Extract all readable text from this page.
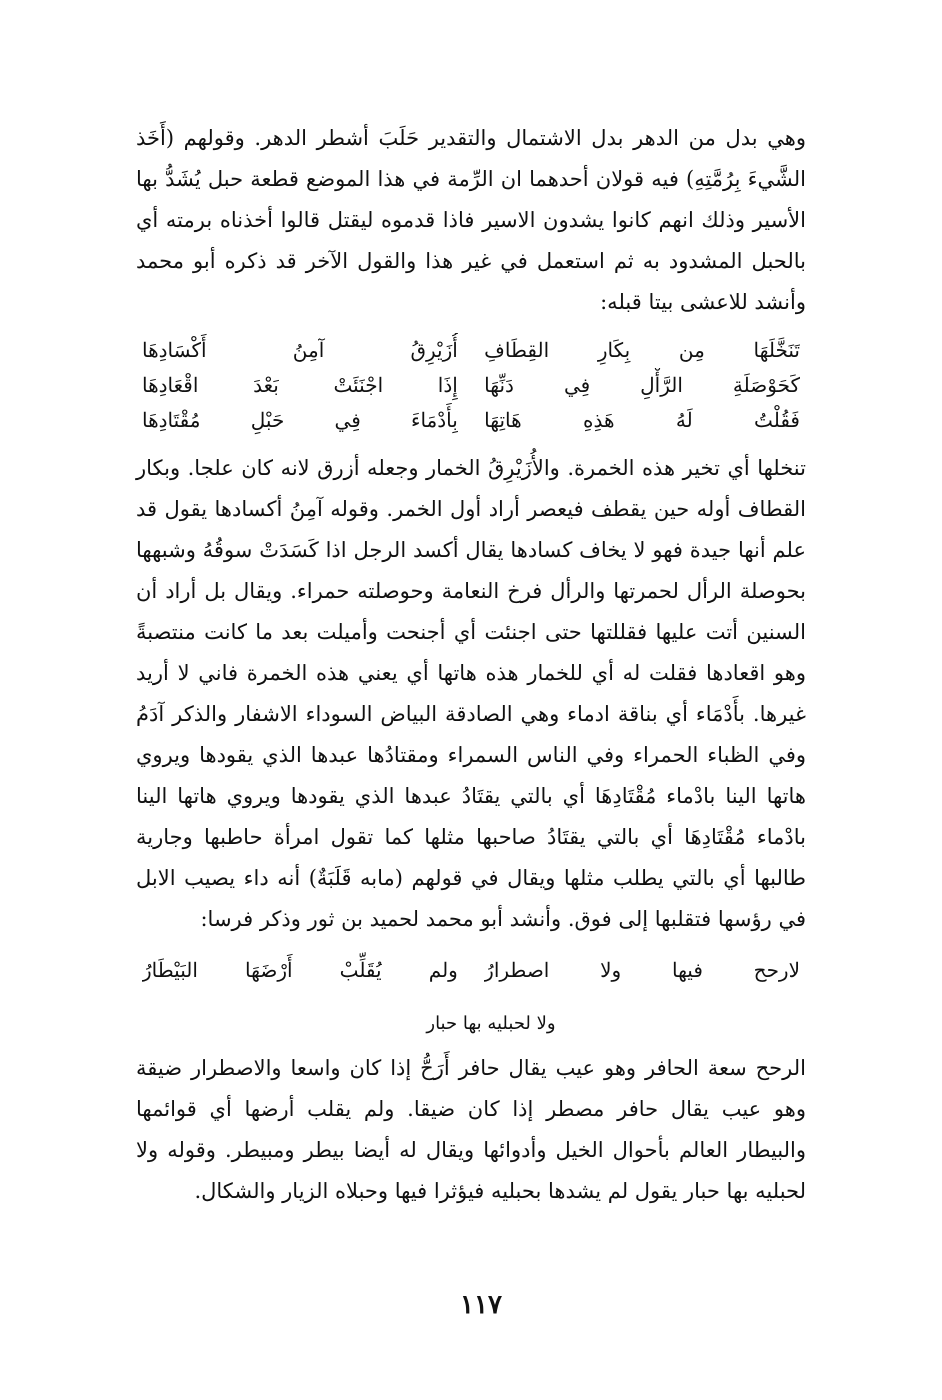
وهي بدل من الدهر بدل الاشتمال والتقدير حَلَبَ أشطر الدهر. وقولهم (أَخَذ الشَّيءَ بِرُمَّتِهِ) فيه قولان أحدهما ان الرِّمة في هذا الموضع قطعة حبل يُشَدُّ بها الأسير وذلك انهم كانوا يشدون الاسير فاذا قدموه ليقتل قالوا أخذناه برمته أي بالحبل المشدود به ثم استعمل في غير هذا والقول الآخر قد ذكره أبو محمد وأنشد للاعشى بيتا قبله:

تَنَخَّلَهَا مِن بِكَارِ القِطَافِ
أُزَيْرِقُ آمِنُ أَكْسَادِهَا
كَحَوْصَلَةِ الرَّأْلِ فِي دَنِّهَا
إِذَا اجْنَئَتْ بَعْدَ اقْعَادِهَا
فَقُلْتُ لَهُ هَذِهِ هَاتِهَا
بِأَدْمَاءَ فِي حَبْلِ مُقْتَادِهَا

تنخلها أي تخير هذه الخمرة. والأُزَيْرِقُ الخمار وجعله أزرق لانه كان علجا. وبكار القطاف أوله حين يقطف فيعصر أراد أول الخمر. وقوله آمِنُ أكسادها يقول قد علم أنها جيدة فهو لا يخاف كسادها يقال أكسد الرجل اذا كَسَدَتْ سوقُهُ وشبهها بحوصلة الرأل لحمرتها والرأل فرخ النعامة وحوصلته حمراء. ويقال بل أراد أن السنين أتت عليها فقللتها حتى اجنئت أي أجنحت وأميلت بعد ما كانت منتصبةً وهو اقعادها فقلت له أي للخمار هذه هاتها أي يعني هذه الخمرة فاني لا أريد غيرها. بأَدْمَاء أي بناقة ادماء وهي الصادقة البياض السوداء الاشفار والذكر آدَمُ وفي الظباء الحمراء وفي الناس السمراء ومقتادُها عبدها الذي يقودها ويروي هاتها الينا بادْماء مُقْتَادِهَا أي بالتي يقتَادُ عبدها الذي يقودها ويروي هاتها الينا بادْماء مُقْتَادِهَا أي بالتي يقتَادُ صاحبها مثلها كما تقول امرأة حاطبها وجارية طالبها أي بالتي يطلب مثلها ويقال في قولهم (مابه قَلَبَةٌ) أنه داء يصيب الابل في رؤسها فتقلبها إلى فوق. وأنشد أبو محمد لحميد بن ثور وذكر فرسا:

لارحح فيها ولا اصطرارُ
ولم يُقَلِّبْ أَرْضَهَا البَيْطَارُ
ولا لحبليه بها حبار

الرحح سعة الحافر وهو عيب يقال حافر أَرَحُّ إذا كان واسعا والاصطرار ضيقة وهو عيب يقال حافر مصطر إذا كان ضيقا. ولم يقلب أرضها أي قوائمها والبيطار العالم بأحوال الخيل وأدوائها ويقال له أيضا بيطر ومبيطر. وقوله ولا لحبليه بها حبار يقول لم يشدها بحبليه فيؤثرا فيها وحبلاه الزيار والشكال.

١١٧
